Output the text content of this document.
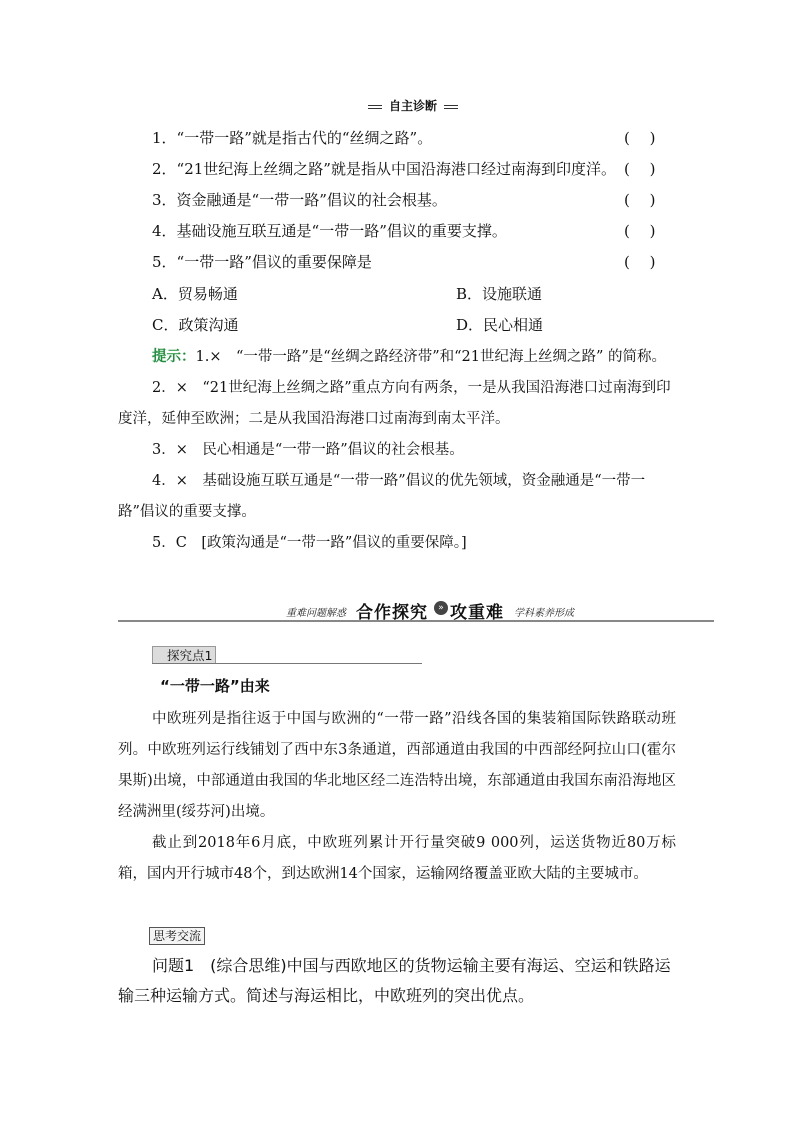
自主诊断
1．“一带一路”就是指古代的“丝绸之路”。	(　 )
2．“21世纪海上丝绸之路”就是指从中国沿海港口经过南海到印度洋。 (　 )
3．资金融通是“一带一路”倡议的社会根基。	(　 )
4．基础设施互联互通是“一带一路”倡议的重要支撑。	(　 )
5．“一带一路”倡议的重要保障是	(　 )
A．贸易畅通	B．设施联通
C．政策沟通	D．民心相通

提示：1.×　“一带一路”是“丝绸之路经济带”和“21世纪海上丝绸之路” 的简称。

2．×　“21世纪海上丝绸之路”重点方向有两条，一是从我国沿海港口过南海到印度洋，延伸至欧洲；二是从我国沿海港口过南海到南太平洋。

3．×　民心相通是“一带一路”倡议的社会根基。

4．×　基础设施互联互通是“一带一路”倡议的优先领域，资金融通是“一带一路”倡议的重要支撑。

5．C　[政策沟通是“一带一路”倡议的重要保障。]

重难问题解惑 合作探究	» 攻重难 学科素养形成
探究点1
“一带一路”由来

中欧班列是指往返于中国与欧洲的“一带一路”沿线各国的集装箱国际铁路联动班列。中欧班列运行线铺划了西中东3条通道，西部通道由我国的中西部经阿拉山口(霍尔果斯)出境，中部通道由我国的华北地区经二连浩特出境，东部通道由我国东南沿海地区经满洲里(绥芬河)出境。

截止到2018年6月底，中欧班列累计开行量突破9 000列，运送货物近80万标箱，国内开行城市48个，到达欧洲14个国家，运输网络覆盖亚欧大陆的主要城市。

思考交流

问题1　(综合思维)中国与西欧地区的货物运输主要有海运、空运和铁路运输三种运输方式。简述与海运相比，中欧班列的突出优点。
